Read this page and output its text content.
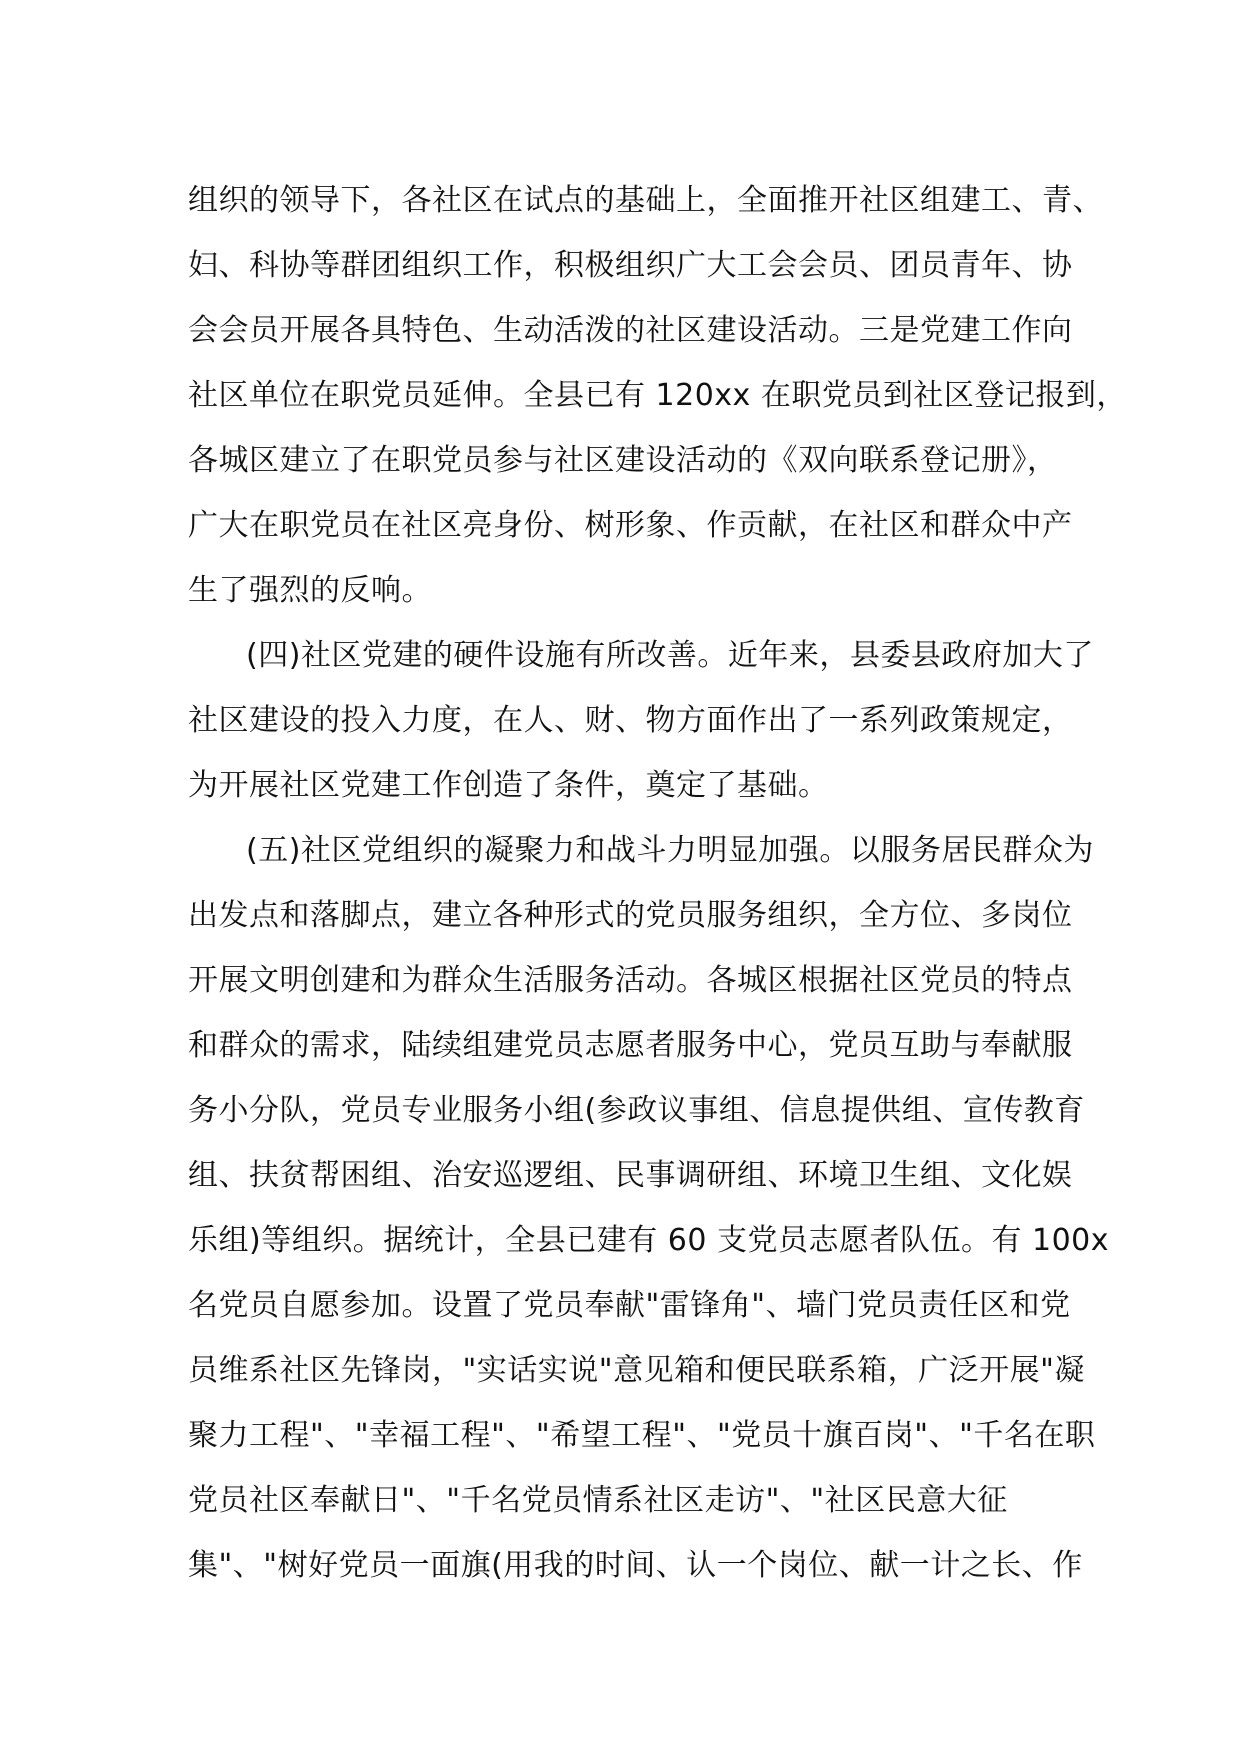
组织的领导下，各社区在试点的基础上，全面推开社区组建工、青、
妇、科协等群团组织工作，积极组织广大工会会员、团员青年、协
会会员开展各具特色、生动活泼的社区建设活动。三是党建工作向
社区单位在职党员延伸。全县已有 120xx 在职党员到社区登记报到，
各城区建立了在职党员参与社区建设活动的《双向联系登记册》，
广大在职党员在社区亮身份、树形象、作贡献，在社区和群众中产
生了强烈的反响。
(四)社区党建的硬件设施有所改善。近年来，县委县政府加大了
社区建设的投入力度，在人、财、物方面作出了一系列政策规定，
为开展社区党建工作创造了条件，奠定了基础。
(五)社区党组织的凝聚力和战斗力明显加强。以服务居民群众为
出发点和落脚点，建立各种形式的党员服务组织，全方位、多岗位
开展文明创建和为群众生活服务活动。各城区根据社区党员的特点
和群众的需求，陆续组建党员志愿者服务中心，党员互助与奉献服
务小分队，党员专业服务小组(参政议事组、信息提供组、宣传教育
组、扶贫帮困组、治安巡逻组、民事调研组、环境卫生组、文化娱
乐组)等组织。据统计，全县已建有 60 支党员志愿者队伍。有 100x
名党员自愿参加。设置了党员奉献"雷锋角"、墙门党员责任区和党
员维系社区先锋岗，"实话实说"意见箱和便民联系箱，广泛开展"凝
聚力工程"、"幸福工程"、"希望工程"、"党员十旗百岗"、"千名在职
党员社区奉献日"、"千名党员情系社区走访"、"社区民意大征
集"、"树好党员一面旗(用我的时间、认一个岗位、献一计之长、作
